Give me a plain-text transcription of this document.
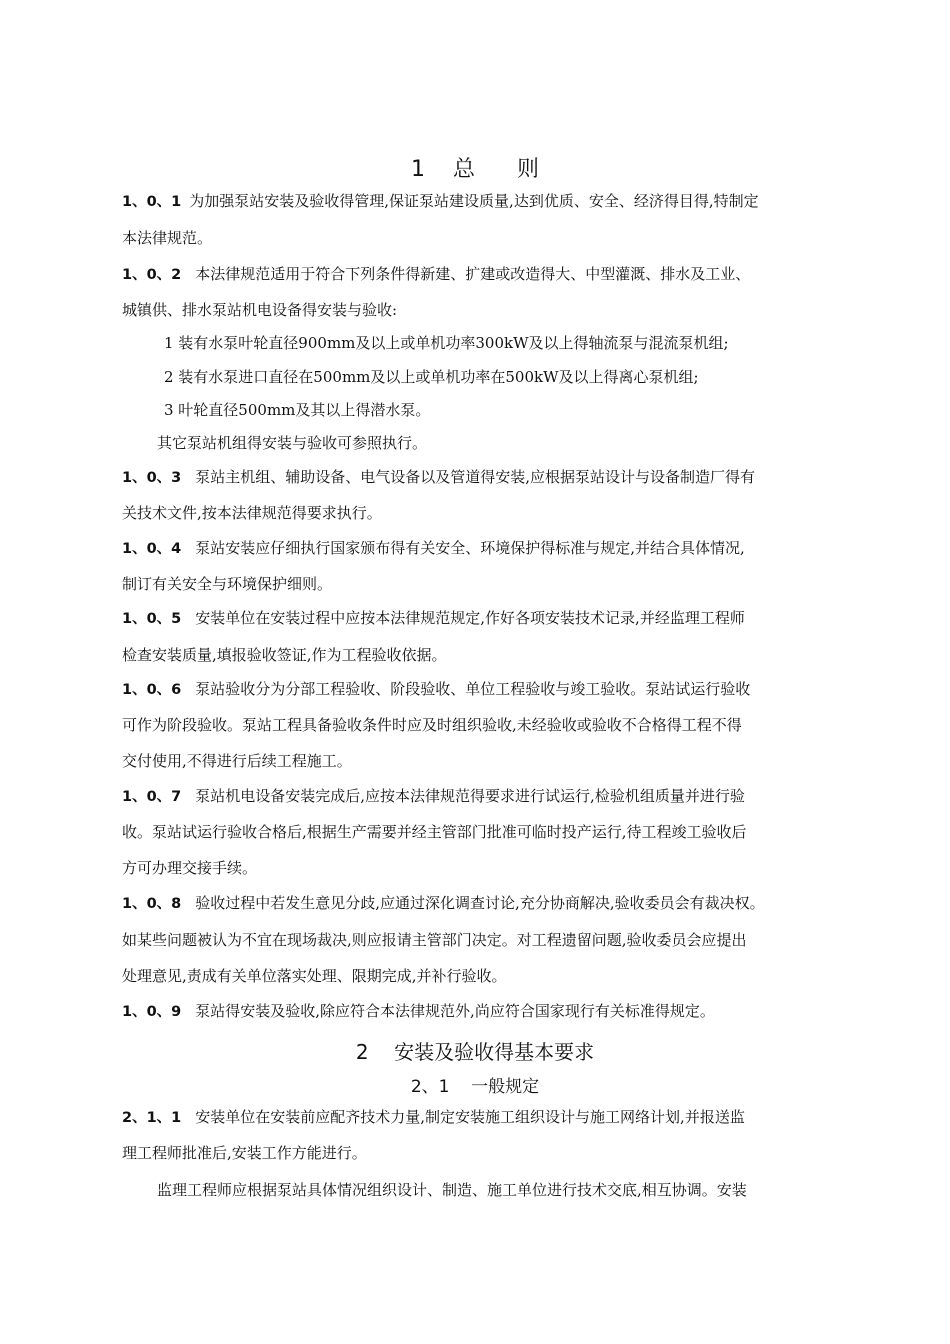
1 总 则
1、0、1 为加强泵站安装及验收得管理,保证泵站建设质量,达到优质、安全、经济得目得,特制定
本法律规范。
1、0、2 本法律规范适用于符合下列条件得新建、扩建或改造得大、中型灌溉、排水及工业、
城镇供、排水泵站机电设备得安装与验收:
1 装有水泵叶轮直径900mm及以上或单机功率300kW及以上得轴流泵与混流泵机组;
2 装有水泵进口直径在500mm及以上或单机功率在500kW及以上得离心泵机组;
3 叶轮直径500mm及其以上得潜水泵。
其它泵站机组得安装与验收可参照执行。
1、0、3 泵站主机组、辅助设备、电气设备以及管道得安装,应根据泵站设计与设备制造厂得有
关技术文件,按本法律规范得要求执行。
1、0、4 泵站安装应仔细执行国家颁布得有关安全、环境保护得标准与规定,并结合具体情况,
制订有关安全与环境保护细则。
1、0、5 安装单位在安装过程中应按本法律规范规定,作好各项安装技术记录,并经监理工程师
检查安装质量,填报验收签证,作为工程验收依据。
1、0、6 泵站验收分为分部工程验收、阶段验收、单位工程验收与竣工验收。泵站试运行验收
可作为阶段验收。泵站工程具备验收条件时应及时组织验收,未经验收或验收不合格得工程不得
交付使用,不得进行后续工程施工。
1、0、7 泵站机电设备安装完成后,应按本法律规范得要求进行试运行,检验机组质量并进行验
收。泵站试运行验收合格后,根据生产需要并经主管部门批准可临时投产运行,待工程竣工验收后
方可办理交接手续。
1、0、8 验收过程中若发生意见分歧,应通过深化调查讨论,充分协商解决,验收委员会有裁决权。
如某些问题被认为不宜在现场裁决,则应报请主管部门决定。对工程遗留问题,验收委员会应提出
处理意见,责成有关单位落实处理、限期完成,并补行验收。
1、0、9 泵站得安装及验收,除应符合本法律规范外,尚应符合国家现行有关标准得规定。
2 安装及验收得基本要求
2、1 一般规定
2、1、1 安装单位在安装前应配齐技术力量,制定安装施工组织设计与施工网络计划,并报送监
理工程师批准后,安装工作方能进行。
监理工程师应根据泵站具体情况组织设计、制造、施工单位进行技术交底,相互协调。安装
